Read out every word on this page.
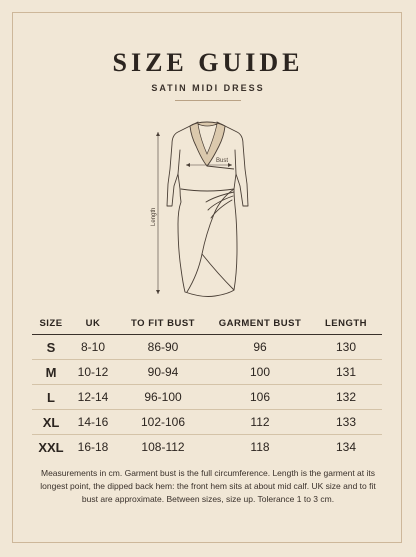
SIZE GUIDE
SATIN MIDI DRESS
Bust
Length
SIZE	UK	TO FIT BUST	GARMENT BUST	LENGTH
S	8-10	86-90	96	130
M	10-12	90-94	100	131
L	12-14	96-100	106	132
XL	14-16	102-106	112	133
XXL	16-18	108-112	118	134
Measurements in cm. Garment bust is the full circumference. Length is the garment at its longest point, the dipped back hem: the front hem sits at about mid calf. UK size and to fit bust are approximate. Between sizes, size up. Tolerance 1 to 3 cm.
